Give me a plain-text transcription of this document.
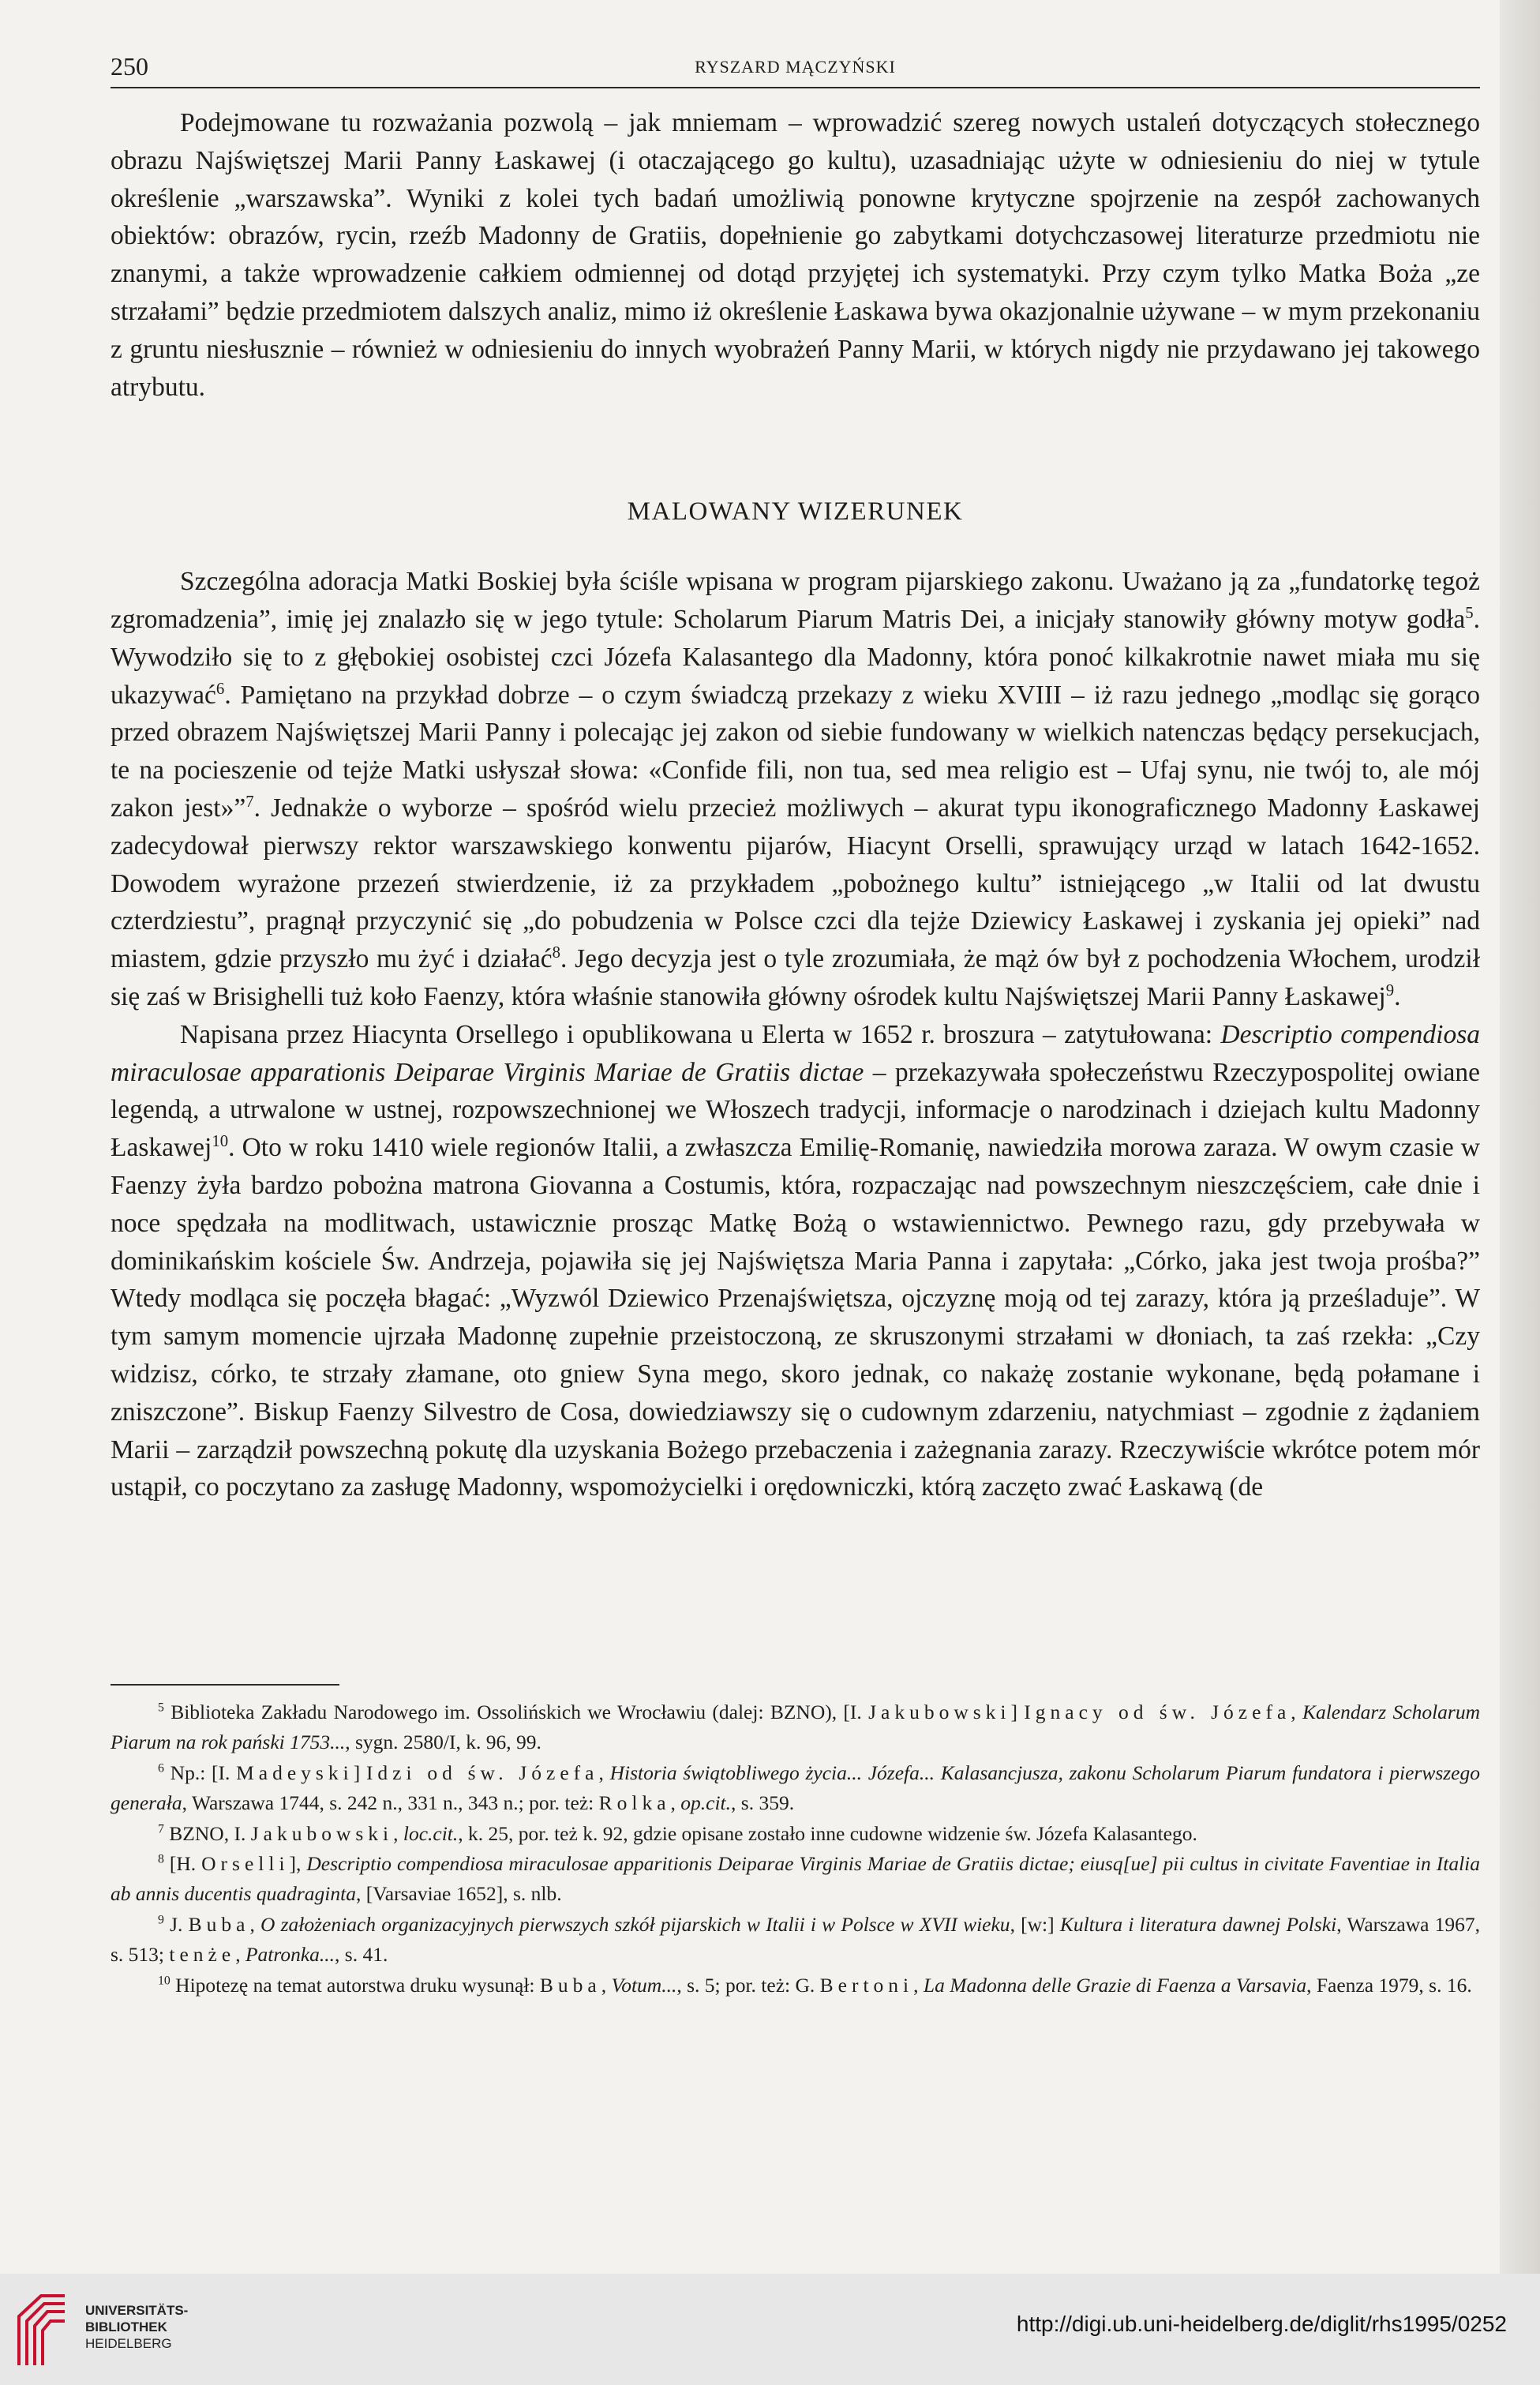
250	RYSZARD MĄCZYŃSKI

Podejmowane tu rozważania pozwolą – jak mniemam – wprowadzić szereg nowych ustaleń dotyczących stołecznego obrazu Najświętszej Marii Panny Łaskawej (i otaczającego go kultu), uzasadniając użyte w odniesieniu do niej w tytule określenie „warszawska”. Wyniki z kolei tych badań umożliwią ponowne krytyczne spojrzenie na zespół zachowanych obiektów: obrazów, rycin, rzeźb Madonny de Gratiis, dopełnienie go zabytkami dotychczasowej literaturze przedmiotu nie znanymi, a także wprowadzenie całkiem odmiennej od dotąd przyjętej ich systematyki. Przy czym tylko Matka Boża „ze strzałami” będzie przedmiotem dalszych analiz, mimo iż określenie Łaskawa bywa okazjonalnie używane – w mym przekonaniu z gruntu niesłusznie – również w odniesieniu do innych wyobrażeń Panny Marii, w których nigdy nie przydawano jej takowego atrybutu.

MALOWANY WIZERUNEK

Szczególna adoracja Matki Boskiej była ściśle wpisana w program pijarskiego zakonu. Uważano ją za „fundatorkę tegoż zgromadzenia”, imię jej znalazło się w jego tytule: Scholarum Piarum Matris Dei, a inicjały stanowiły główny motyw godła$^5$. Wywodziło się to z głębokiej osobistej czci Józefa Kalasantego dla Madonny, która ponoć kilkakrotnie nawet miała mu się ukazywać$^6$. Pamiętano na przykład dobrze – o czym świadczą przekazy z wieku XVIII – iż razu jednego „modląc się gorąco przed obrazem Najświętszej Marii Panny i polecając jej zakon od siebie fundowany w wielkich natenczas będący persekucjach, te na pocieszenie od tejże Matki usłyszał słowa: «Confide fili, non tua, sed mea religio est – Ufaj synu, nie twój to, ale mój zakon jest»”$^7$. Jednakże o wyborze – spośród wielu przecież możliwych – akurat typu ikonograficznego Madonny Łaskawej zadecydował pierwszy rektor warszawskiego konwentu pijarów, Hiacynt Orselli, sprawujący urząd w latach 1642-1652. Dowodem wyrażone przezeń stwierdzenie, iż za przykładem „pobożnego kultu” istniejącego „w Italii od lat dwustu czterdziestu”, pragnął przyczynić się „do pobudzenia w Polsce czci dla tejże Dziewicy Łaskawej i zyskania jej opieki” nad miastem, gdzie przyszło mu żyć i działać$^8$. Jego decyzja jest o tyle zrozumiała, że mąż ów był z pochodzenia Włochem, urodził się zaś w Brisighelli tuż koło Faenzy, która właśnie stanowiła główny ośrodek kultu Najświętszej Marii Panny Łaskawej$^9$.

Napisana przez Hiacynta Orsellego i opublikowana u Elerta w 1652 r. broszura – zatytułowana: Descriptio compendiosa miraculosae apparationis Deiparae Virginis Mariae de Gratiis dictae – przekazywała społeczeństwu Rzeczypospolitej owiane legendą, a utrwalone w ustnej, rozpowszechnionej we Włoszech tradycji, informacje o narodzinach i dziejach kultu Madonny Łaskawej$^{10}$. Oto w roku 1410 wiele regionów Italii, a zwłaszcza Emilię-Romanię, nawiedziła morowa zaraza. W owym czasie w Faenzy żyła bardzo pobożna matrona Giovanna a Costumis, która, rozpaczając nad powszechnym nieszczęściem, całe dnie i noce spędzała na modlitwach, ustawicznie prosząc Matkę Bożą o wstawiennictwo. Pewnego razu, gdy przebywała w dominikańskim kościele Św. Andrzeja, pojawiła się jej Najświętsza Maria Panna i zapytała: „Córko, jaka jest twoja prośba?” Wtedy modląca się poczęła błagać: „Wyzwól Dziewico Przenajświętsza, ojczyznę moją od tej zarazy, która ją prześladuje”. W tym samym momencie ujrzała Madonnę zupełnie przeistoczoną, ze skruszonymi strzałami w dłoniach, ta zaś rzekła: „Czy widzisz, córko, te strzały złamane, oto gniew Syna mego, skoro jednak, co nakażę zostanie wykonane, będą połamane i zniszczone”. Biskup Faenzy Silvestro de Cosa, dowiedziawszy się o cudownym zdarzeniu, natychmiast – zgodnie z żądaniem Marii – zarządził powszechną pokutę dla uzyskania Bożego przebaczenia i zażegnania zarazy. Rzeczywiście wkrótce potem mór ustąpił, co poczytano za zasługę Madonny, wspomożycielki i orędowniczki, którą zaczęto zwać Łaskawą (de

$^5$ Biblioteka Zakładu Narodowego im. Ossolińskich we Wrocławiu (dalej: BZNO), [I. Jakubowski] Ignacy od św. Józefa, Kalendarz Scholarum Piarum na rok pański 1753..., sygn. 2580/I, k. 96, 99.

$^6$ Np.: [I. Madeyski] Idzi od św. Józefa, Historia świątobliwego życia... Józefa... Kalasancjusza, zakonu Scholarum Piarum fundatora i pierwszego generała, Warszawa 1744, s. 242 n., 331 n., 343 n.; por. też: Rolka, op.cit., s. 359.

$^7$ BZNO, I. Jakubowski, loc.cit., k. 25, por. też k. 92, gdzie opisane zostało inne cudowne widzenie św. Józefa Kalasantego.

$^8$ [H. Orselli], Descriptio compendiosa miraculosae apparitionis Deiparae Virginis Mariae de Gratiis dictae; eiusq[ue] pii cultus in civitate Faventiae in Italia ab annis ducentis quadraginta, [Varsaviae 1652], s. nlb.

$^9$ J. Buba, O założeniach organizacyjnych pierwszych szkół pijarskich w Italii i w Polsce w XVII wieku, [w:] Kultura i literatura dawnej Polski, Warszawa 1967, s. 513; tenże, Patronka..., s. 41.

$^{10}$ Hipotezę na temat autorstwa druku wysunął: Buba, Votum..., s. 5; por. też: G. Bertoni, La Madonna delle Grazie di Faenza a Varsavia, Faenza 1979, s. 16.

UNIVERSITÄTS-
BIBLIOTHEK
HEIDELBERG
http://digi.ub.uni-heidelberg.de/diglit/rhs1995/0252
